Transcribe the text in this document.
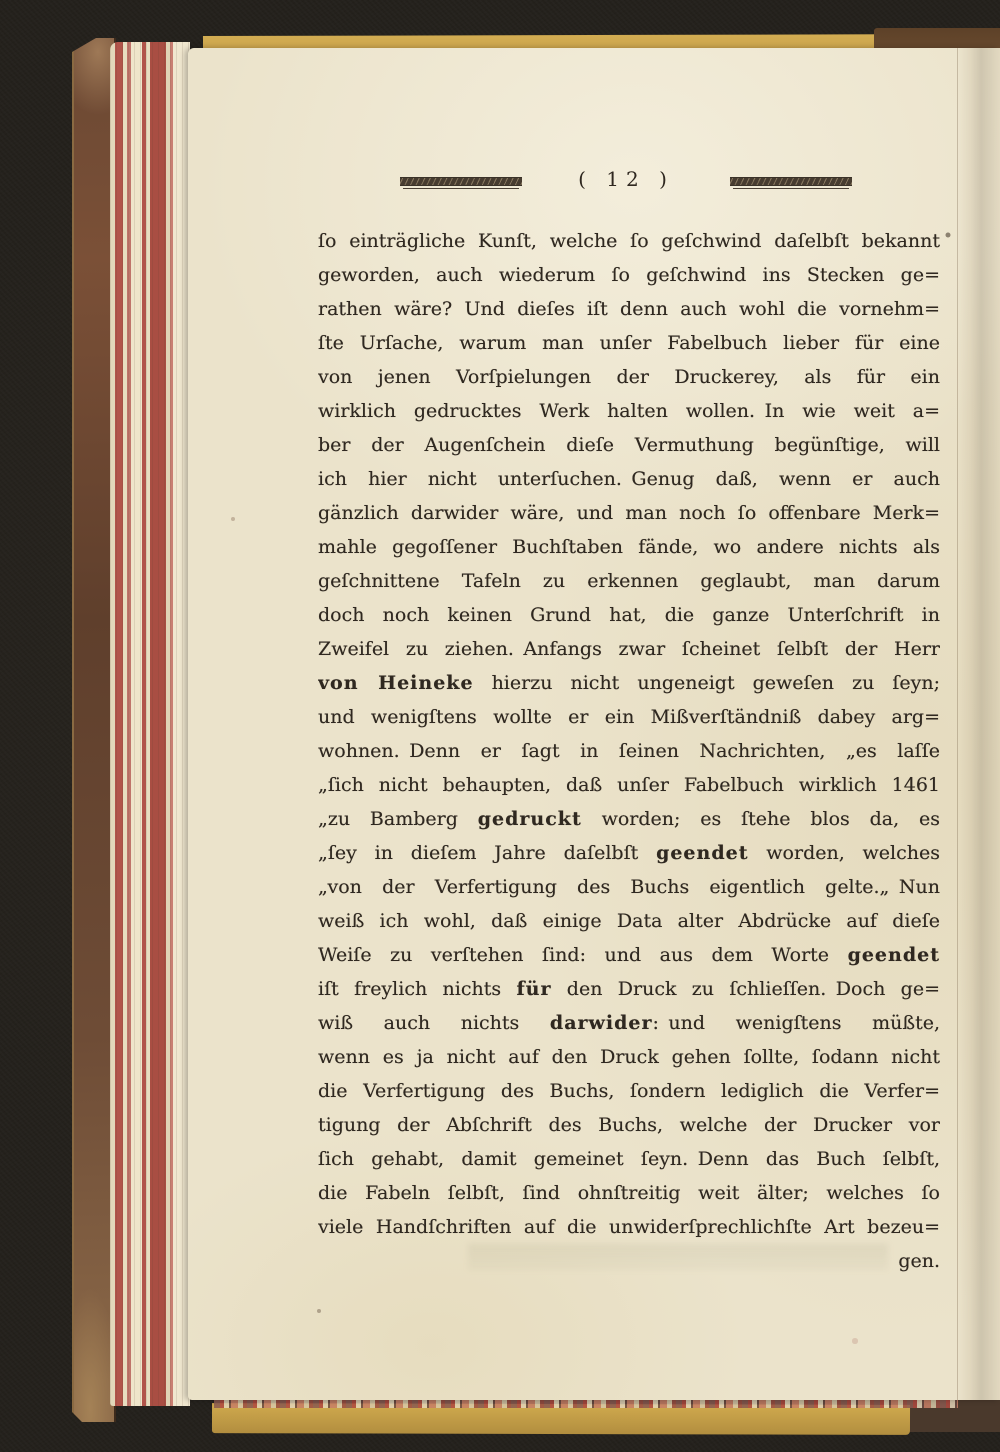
( 12 )
ſo einträgliche Kunſt, welche ſo geſchwind daſelbſt bekannt
geworden, auch wiederum ſo geſchwind ins Stecken ge=
rathen wäre? Und dieſes iſt denn auch wohl die vornehm=
ſte Urſache, warum man unſer Fabelbuch lieber für eine
von jenen Vorſpielungen der Druckerey, als für ein
wirklich gedrucktes Werk halten wollen. In wie weit a=
ber der Augenſchein dieſe Vermuthung begünſtige, will
ich hier nicht unterſuchen. Genug daß, wenn er auch
gänzlich darwider wäre, und man noch ſo offenbare Merk=
mahle gegoſſener Buchſtaben fände, wo andere nichts als
geſchnittene Tafeln zu erkennen geglaubt, man darum
doch noch keinen Grund hat, die ganze Unterſchrift in
Zweifel zu ziehen. Anfangs zwar ſcheinet ſelbſt der Herr
von Heineke hierzu nicht ungeneigt geweſen zu ſeyn;
und wenigſtens wollte er ein Mißverſtändniß dabey arg=
wohnen. Denn er ſagt in ſeinen Nachrichten, „es laſſe
„ſich nicht behaupten, daß unſer Fabelbuch wirklich 1461
„zu Bamberg gedruckt worden; es ſtehe blos da, es
„ſey in dieſem Jahre daſelbſt geendet worden, welches
„von der Verfertigung des Buchs eigentlich gelte.„ Nun
weiß ich wohl, daß einige Data alter Abdrücke auf dieſe
Weiſe zu verſtehen ſind: und aus dem Worte geendet
iſt freylich nichts für den Druck zu ſchlieſſen. Doch ge=
wiß auch nichts darwider: und wenigſtens müßte,
wenn es ja nicht auf den Druck gehen ſollte, ſodann nicht
die Verfertigung des Buchs, ſondern lediglich die Verfer=
tigung der Abſchrift des Buchs, welche der Drucker vor
ſich gehabt, damit gemeinet ſeyn. Denn das Buch ſelbſt,
die Fabeln ſelbſt, ſind ohnſtreitig weit älter; welches ſo
viele Handſchriften auf die unwiderſprechlichſte Art bezeu=
gen.
